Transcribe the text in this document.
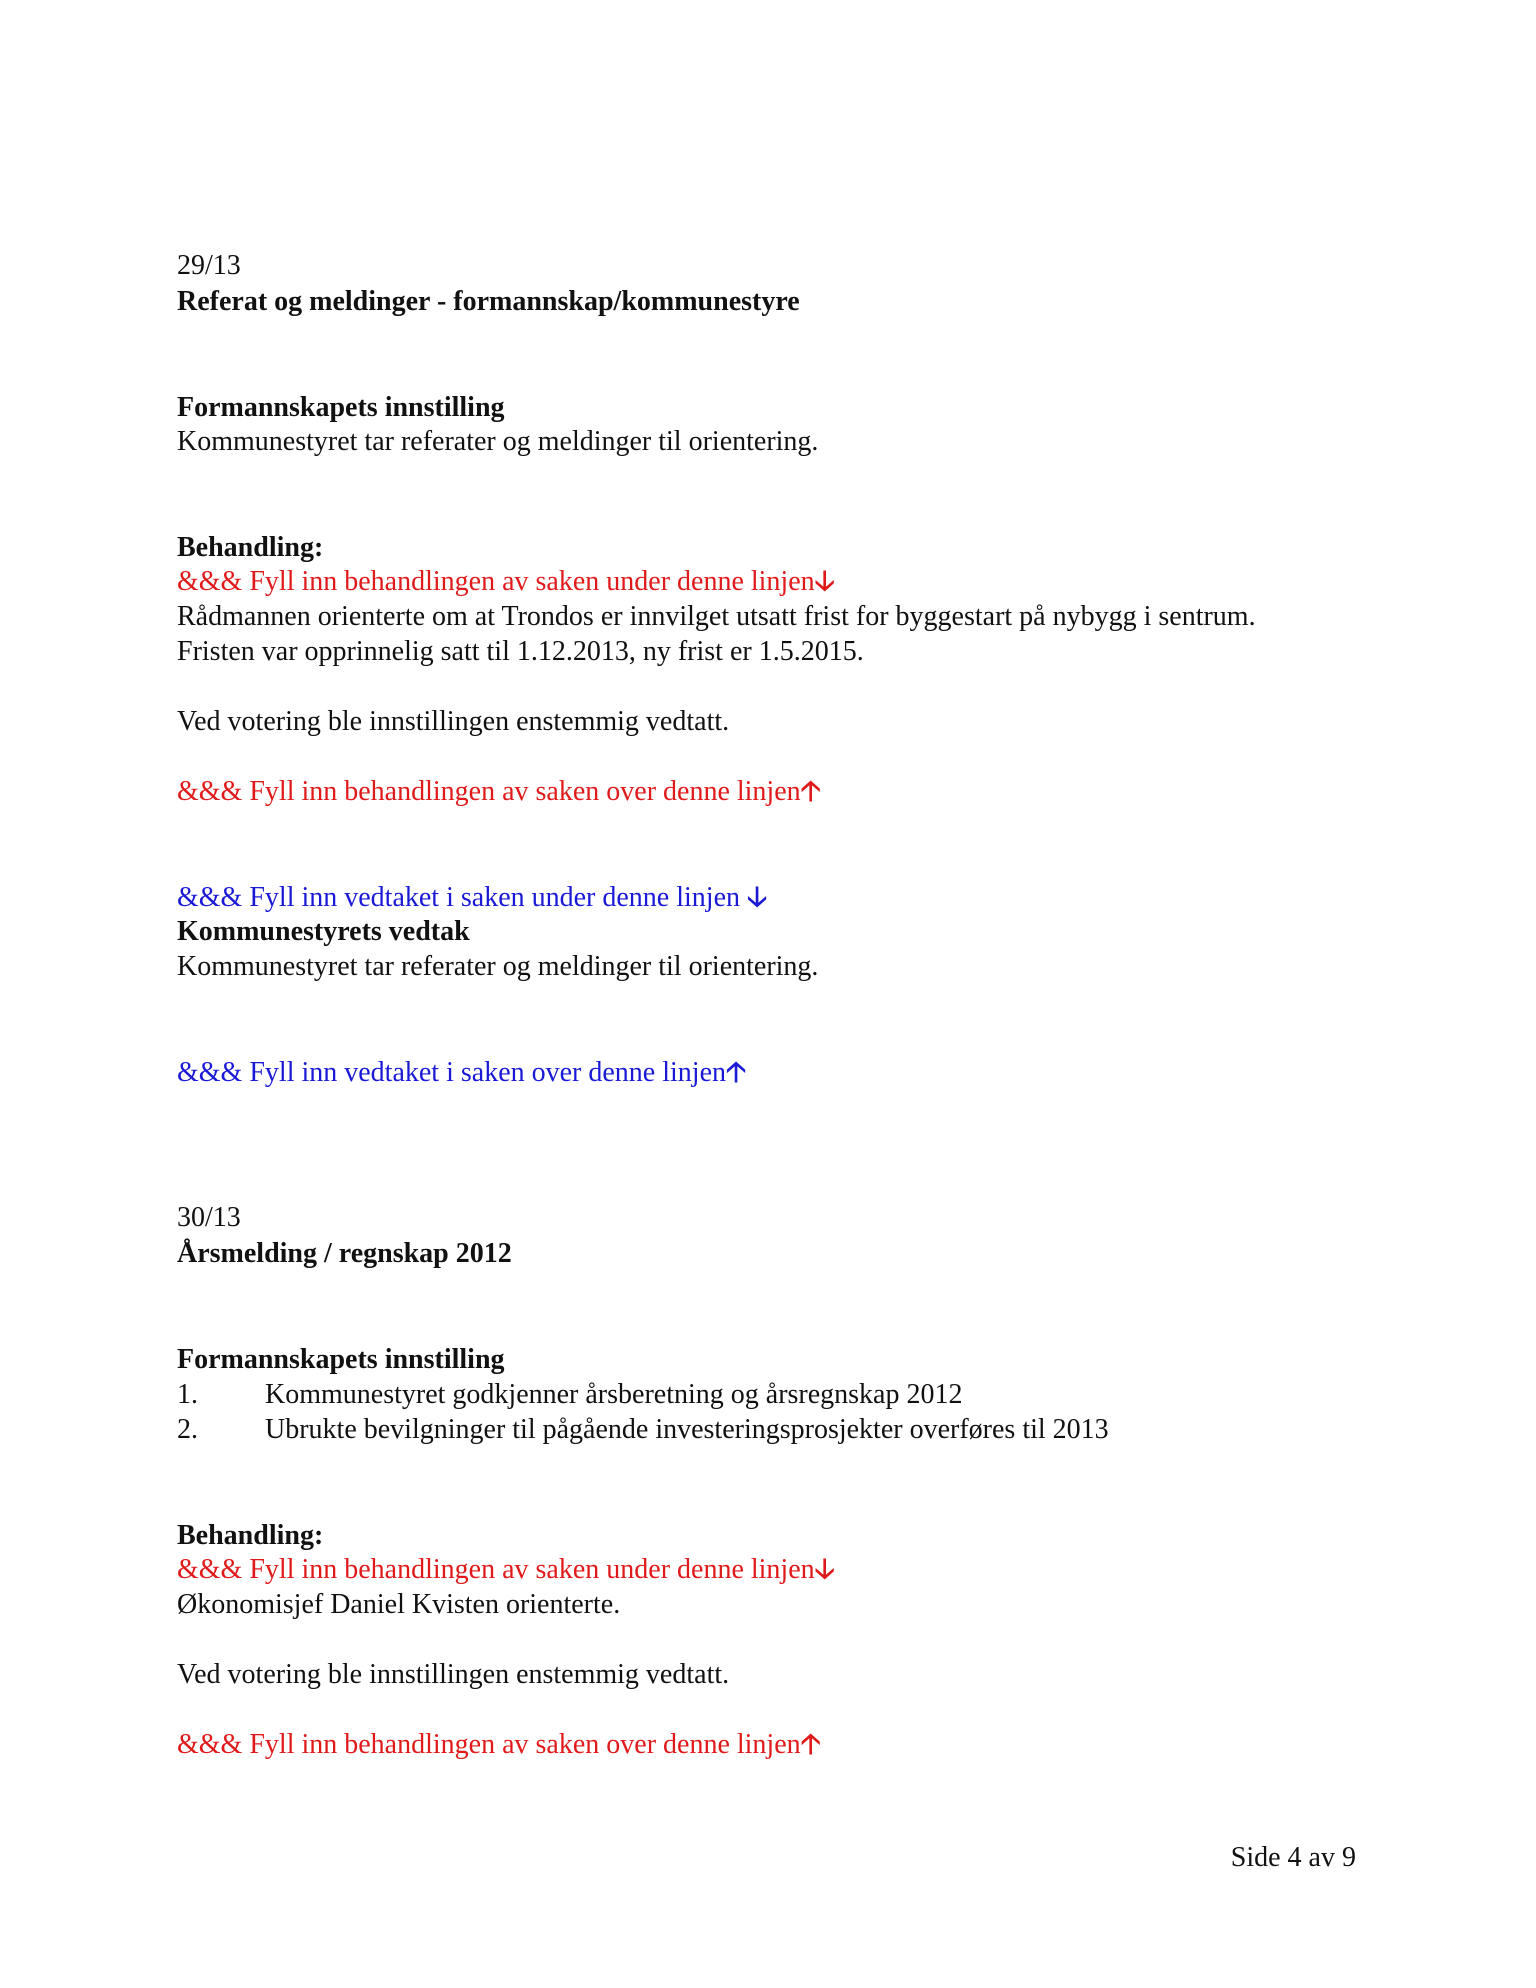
29/13

Referat og meldinger - formannskap/kommunestyre

Formannskapets innstilling

Kommunestyret tar referater og meldinger til orientering.

Behandling:

&&& Fyll inn behandlingen av saken under denne linjen🡣

Rådmannen orienterte om at Trondos er innvilget utsatt frist for byggestart på nybygg i sentrum.

Fristen var opprinnelig satt til 1.12.2013, ny frist er 1.5.2015.

Ved votering ble innstillingen enstemmig vedtatt.

&&& Fyll inn behandlingen av saken over denne linjen🡡

&&& Fyll inn vedtaket i saken under denne linjen 🡣

Kommunestyrets vedtak

Kommunestyret tar referater og meldinger til orientering.

&&& Fyll inn vedtaket i saken over denne linjen🡡

30/13

Årsmelding / regnskap 2012

Formannskapets innstilling

1. Kommunestyret godkjenner årsberetning og årsregnskap 2012

2. Ubrukte bevilgninger til pågående investeringsprosjekter overføres til 2013

Behandling:

&&& Fyll inn behandlingen av saken under denne linjen🡣

Økonomisjef Daniel Kvisten orienterte.

Ved votering ble innstillingen enstemmig vedtatt.

&&& Fyll inn behandlingen av saken over denne linjen🡡

Side 4 av 9
